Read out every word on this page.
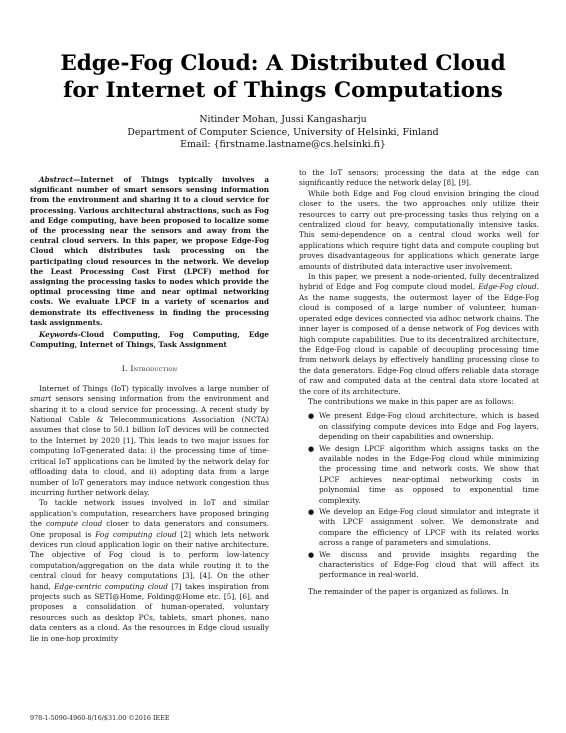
Edge-Fog Cloud: A Distributed Cloud for Internet of Things Computations
Nitinder Mohan, Jussi Kangasharju
Department of Computer Science, University of Helsinki, Finland
Email: {firstname.lastname@cs.helsinki.fi}

Abstract—Internet of Things typically involves a significant number of smart sensors sensing information from the environment and sharing it to a cloud service for processing. Various architectural abstractions, such as Fog and Edge computing, have been proposed to localize some of the processing near the sensors and away from the central cloud servers. In this paper, we propose Edge-Fog Cloud which distributes task processing on the participating cloud resources in the network. We develop the Least Processing Cost First (LPCF) method for assigning the processing tasks to nodes which provide the optimal processing time and near optimal networking costs. We evaluate LPCF in a variety of scenarios and demonstrate its effectiveness in finding the processing task assignments.

Keywords-Cloud Computing, Fog Computing, Edge Computing, Internet of Things, Task Assignment

I. Introduction

Internet of Things (IoT) typically involves a large number of smart sensors sensing information from the environment and sharing it to a cloud service for processing. A recent study by National Cable & Telecommunications Association (NCTA) assumes that close to 50.1 billion IoT devices will be connected to the Internet by 2020 [1]. This leads to two major issues for computing IoT-generated data: i) the processing time of time-critical IoT applications can be limited by the network delay for offloading data to cloud, and ii) adopting data from a large number of IoT generators may induce network congestion thus incurring further network delay.

To tackle network issues involved in IoT and similar application's computation, researchers have proposed bringing the compute cloud closer to data generators and consumers. One proposal is Fog computing cloud [2] which lets network devices run cloud application logic on their native architecture. The objective of Fog cloud is to perform low-latency computation/aggregation on the data while routing it to the central cloud for heavy computations [3], [4]. On the other hand, Edge-centric computing cloud [7] takes inspiration from projects such as SETI@Home, Folding@Home etc. [5], [6], and proposes a consolidation of human-operated, voluntary resources such as desktop PCs, tablets, smart phones, nano data centers as a cloud. As the resources in Edge cloud usually lie in one-hop proximity

to the IoT sensors; processing the data at the edge can significantly reduce the network delay [8], [9].

While both Edge and Fog cloud envision bringing the cloud closer to the users, the two approaches only utilize their resources to carry out pre-processing tasks thus relying on a centralized cloud for heavy, computationally intensive tasks. This semi-dependence on a central cloud works well for applications which require tight data and compute coupling but proves disadvantageous for applications which generate large amounts of distributed data interactive user involvement.

In this paper, we present a node-oriented, fully decentralized hybrid of Edge and Fog compute cloud model, Edge-Fog cloud. As the name suggests, the outermost layer of the Edge-Fog cloud is composed of a large number of volunteer, human-operated edge devices connected via adhoc network chains. The inner layer is composed of a dense network of Fog devices with high compute capabilities. Due to its decentralized architecture, the Edge-Fog cloud is capable of decoupling processing time from network delays by effectively handling processing close to the data generators. Edge-Fog cloud offers reliable data storage of raw and computed data at the central data store located at the core of its architecture.

The contributions we make in this paper are as follows:

● We present Edge-Fog cloud architecture, which is based on classifying compute devices into Edge and Fog layers, depending on their capabilities and ownership.
● We design LPCF algorithm which assigns tasks on the available nodes in the Edge-Fog cloud while minimizing the processing time and network costs. We show that LPCF achieves near-optimal networking costs in polynomial time as opposed to exponential time complexity.
● We develop an Edge-Fog cloud simulator and integrate it with LPCF assignment solver. We demonstrate and compare the efficiency of LPCF with its related works across a range of parameters and simulations.
● We discuss and provide insights regarding the characteristics of Edge-Fog cloud that will affect its performance in real-world.

The remainder of the paper is organized as follows. In

978-1-5090-4960-8/16/$31.00 ©2016 IEEE
